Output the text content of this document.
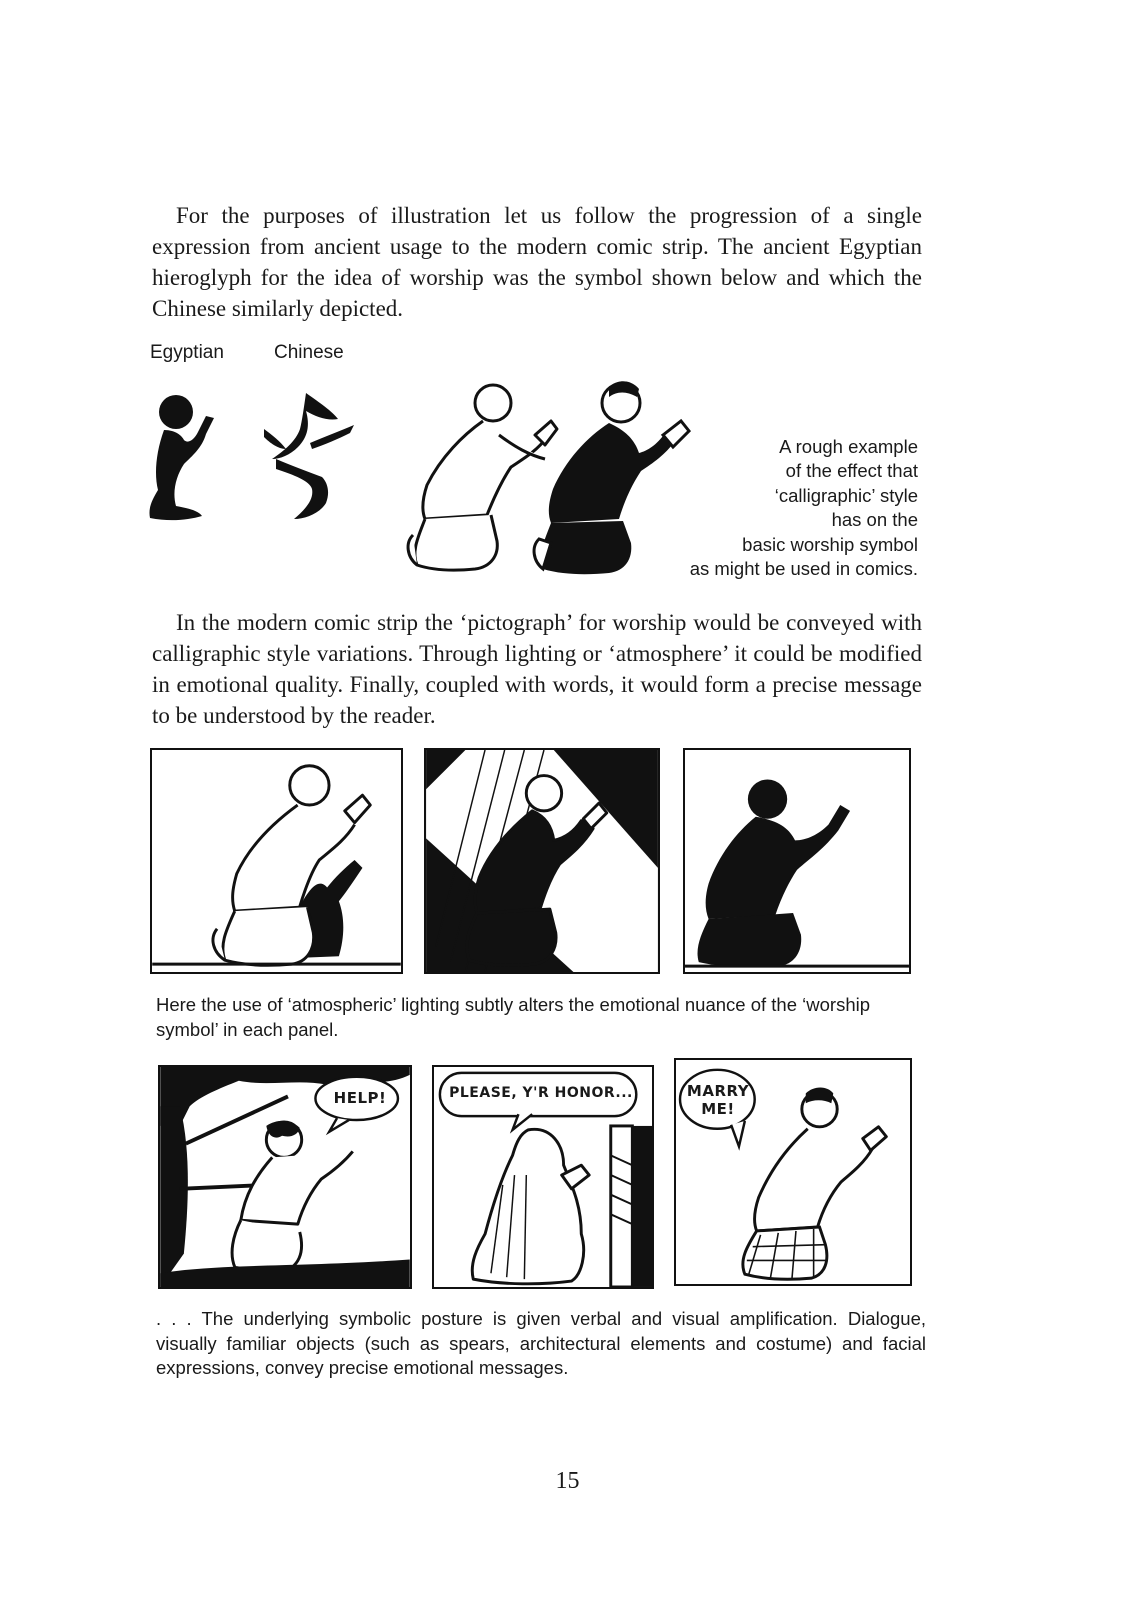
For the purposes of illustration let us follow the progression of a single expression from ancient usage to the modern comic strip. The ancient Egyptian hieroglyph for the idea of worship was the symbol shown below and which the Chinese similarly depicted.
Egyptian	Chinese
A rough example
of the effect that
‘calligraphic’ style
has on the
basic worship symbol
as might be used in comics.
In the modern comic strip the ‘pictograph’ for worship would be conveyed with calligraphic style variations. Through lighting or ‘atmosphere’ it could be modified in emotional quality. Finally, coupled with words, it would form a precise message to be understood by the reader.
Here the use of ‘atmospheric’ lighting subtly alters the emotional nuance of the ‘worship symbol’ in each panel.
HELP!	PLEASE, Y'R HONOR...	MARRY
ME!
. . . The underlying symbolic posture is given verbal and visual amplification. Dialogue, visually familiar objects (such as spears, architectural elements and costume) and facial expressions, convey precise emotional messages.
15
